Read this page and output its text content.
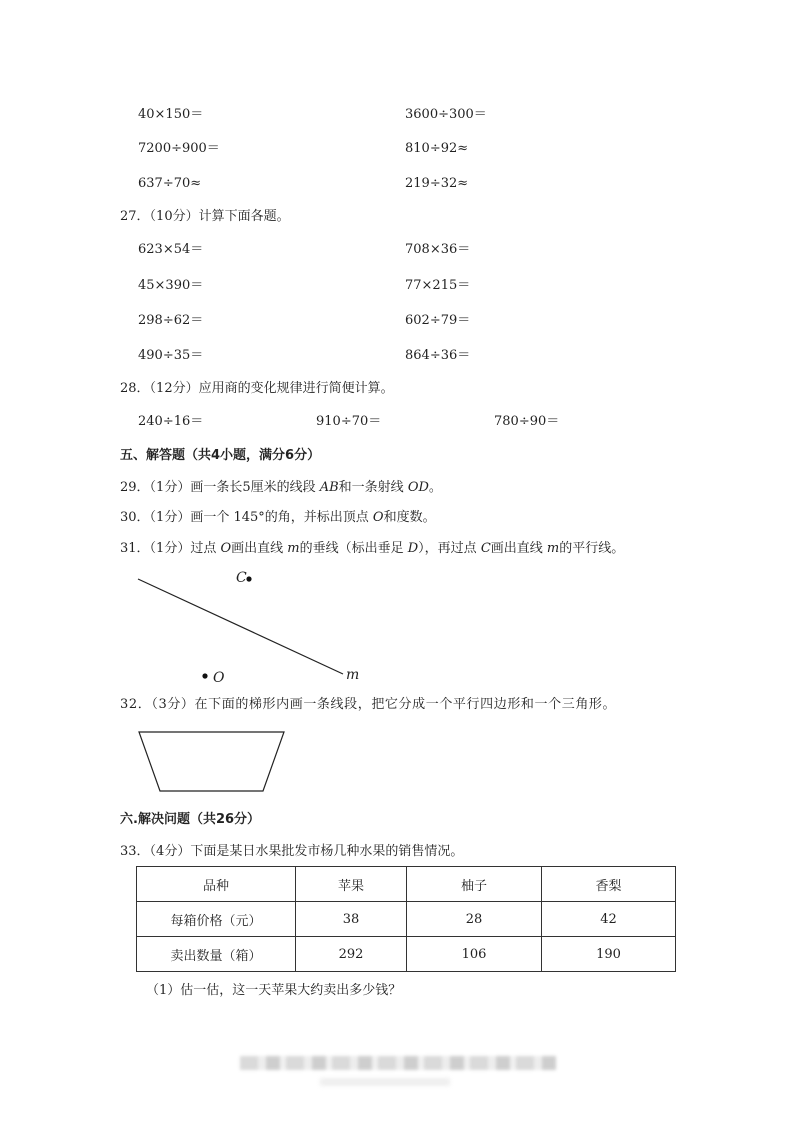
40×150＝	3600÷300＝
7200÷900＝	810÷92≈
637÷70≈	219÷32≈
27．（10分）计算下面各题。
623×54＝	708×36＝
45×390＝	77×215＝
298÷62＝	602÷79＝
490÷35＝	864÷36＝
28．（12分）应用商的变化规律进行简便计算。
240÷16＝	910÷70＝	780÷90＝
五、解答题（共4小题，满分6分）
29．（1分）画一条长5厘米的线段 AB和一条射线 OD。
30．（1分）画一个 145°的角，并标出顶点 O和度数。
31．（1分）过点 O画出直线 m的垂线（标出垂足 D），再过点 C画出直线 m的平行线。
C
O	m
32．（3分）在下面的梯形内画一条线段，把它分成一个平行四边形和一个三角形。
六.解决问题（共26分）
33．（4分）下面是某日水果批发市杨几种水果的销售情况。
品种	苹果	柚子	香梨
每箱价格（元）	38	28	42
卖出数量（箱）	292	106	190
（1）估一估，这一天苹果大约卖出多少钱？
